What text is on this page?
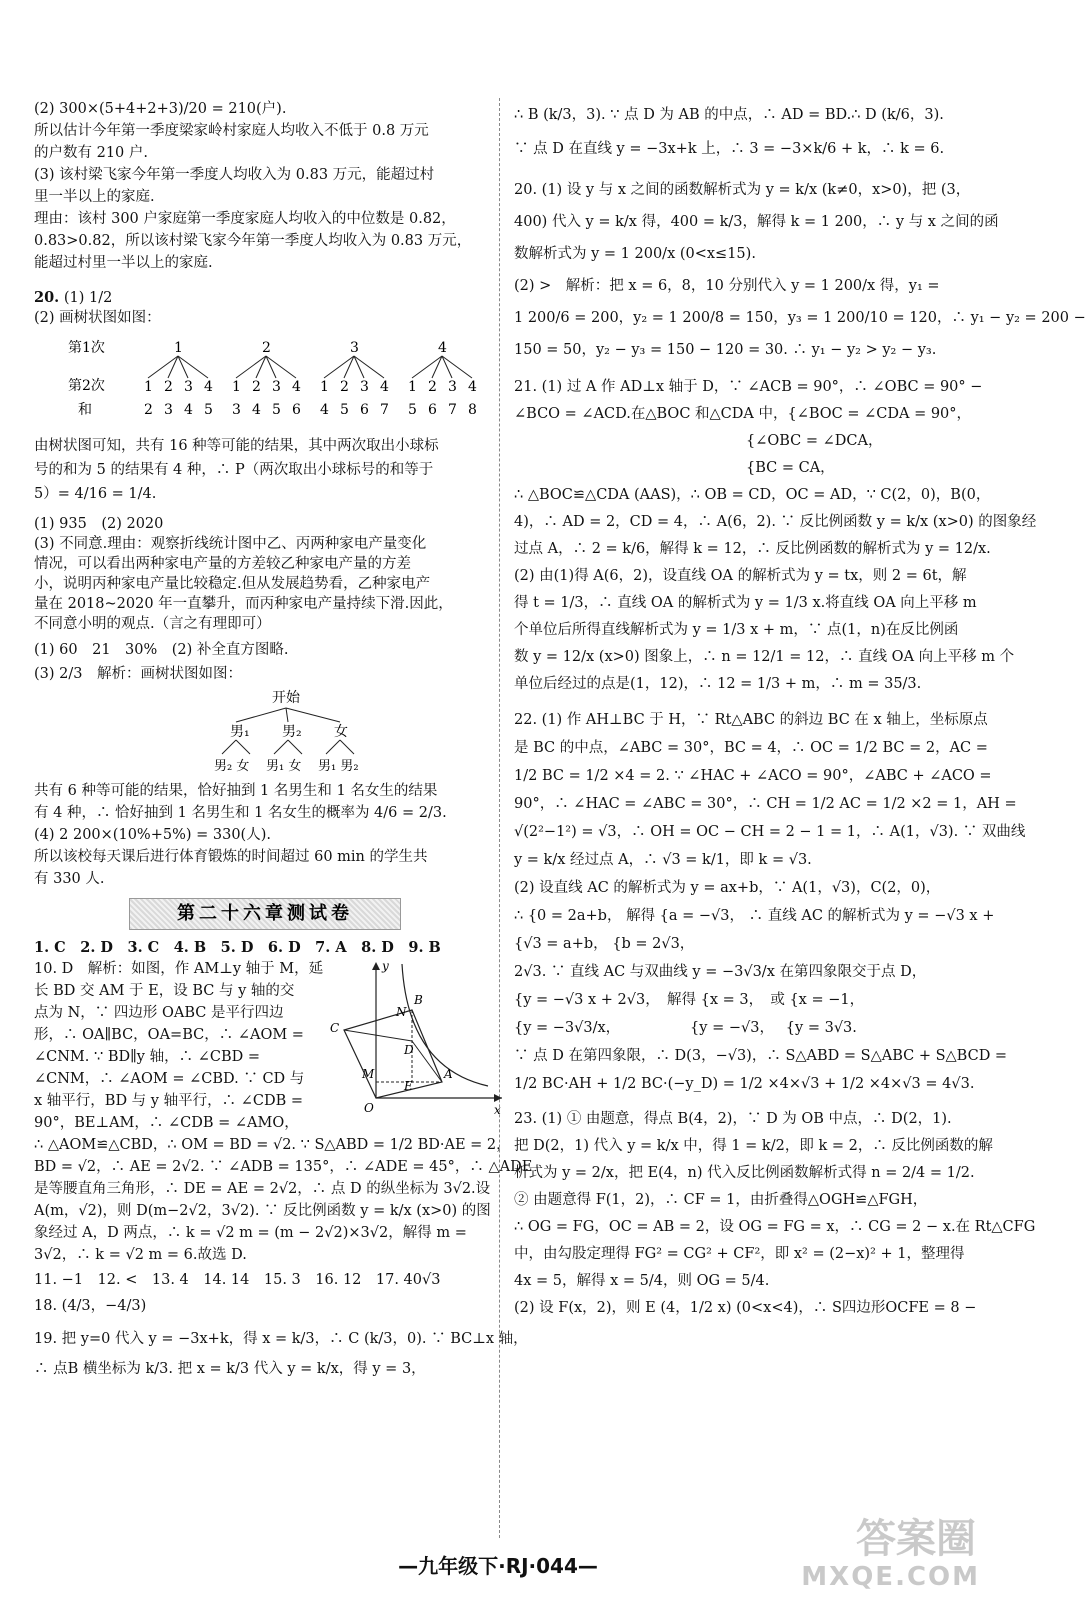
(2) 300×(5+4+2+3)/20 = 210(户).

所以估计今年第一季度梁家岭村家庭人均收入不低于 0.8 万元

的户数有 210 户.

(3) 该村梁飞家今年第一季度人均收入为 0.83 万元，能超过村

里一半以上的家庭.

理由：该村 300 户家庭第一季度家庭人均收入的中位数是 0.82，

0.83>0.82，所以该村梁飞家今年第一季度人均收入为 0.83 万元，

能超过村里一半以上的家庭.

20. (1) 1/2

(2) 画树状图如图：

第1次
第2次
和
1
1
2
2
3
3
4
4
5
2
1
3
2
4
3
5
4
6
3
1
4
2
5
3
6
4
7
4
1
5
2
6
3
7
4
8

由树状图可知，共有 16 种等可能的结果，其中两次取出小球标

号的和为 5 的结果有 4 种，∴ P（两次取出小球标号的和等于

5）= 4/16 = 1/4.

(1) 935　(2) 2020

(3) 不同意.理由：观察折线统计图中乙、丙两种家电产量变化

情况，可以看出两种家电产量的方差较乙种家电产量的方差

小，说明丙种家电产量比较稳定.但从发展趋势看，乙种家电产

量在 2018~2020 年一直攀升，而丙种家电产量持续下滑.因此，

不同意小明的观点.（言之有理即可）

(1) 60　21　30%　(2) 补全直方图略.

(3) 2/3　解析：画树状图如图：

开始
男₁
男₂ 女
男₂
男₁ 女
女
男₁ 男₂

共有 6 种等可能的结果，恰好抽到 1 名男生和 1 名女生的结果

有 4 种，∴ 恰好抽到 1 名男生和 1 名女生的概率为 4/6 = 2/3.

(4) 2 200×(10%+5%) = 330(人).

所以该校每天课后进行体育锻炼的时间超过 60 min 的学生共

有 330 人.

第二十六章测试卷

1. C　2. D　3. C　4. B　5. D　6. D　7. A　8. D　9. B

10. D　解析：如图，作 AM⊥y 轴于 M，延

长 BD 交 AM 于 E，设 BC 与 y 轴的交

点为 N，∵ 四边形 OABC 是平行四边

形，∴ OA∥BC，OA=BC，∴ ∠AOM =

∠CNM. ∵ BD∥y 轴，∴ ∠CBD =

∠CNM，∴ ∠AOM = ∠CBD. ∵ CD 与

x 轴平行，BD 与 y 轴平行，∴ ∠CDB =

90°，BE⊥AM，∴ ∠CDB = ∠AMO，

∴ △AOM≌△CBD，∴ OM = BD = √2. ∵ S△ABD = 1/2 BD·AE = 2，

BD = √2，∴ AE = 2√2. ∵ ∠ADB = 135°，∴ ∠ADE = 45°，∴ △ADE

是等腰直角三角形，∴ DE = AE = 2√2，∴ 点 D 的纵坐标为 3√2.设

A(m，√2)，则 D(m−2√2，3√2). ∵ 反比例函数 y = k/x (x>0) 的图

象经过 A，D 两点，∴ k = √2 m = (m − 2√2)×3√2，解得 m =

3√2，∴ k = √2 m = 6.故选 D.

y
B
N
C
D
M
E
A
O	x

11. −1　12. <　13. 4　14. 14　15. 3　16. 12　17. 40√3

18. (4/3，−4/3)

19. 把 y=0 代入 y = −3x+k，得 x = k/3，∴ C (k/3，0). ∵ BC⊥x 轴，

∴ 点B 横坐标为 k/3. 把 x = k/3 代入 y = k/x，得 y = 3，

∴ B (k/3，3). ∵ 点 D 为 AB 的中点，∴ AD = BD.∴ D (k/6，3).

∵ 点 D 在直线 y = −3x+k 上，∴ 3 = −3×k/6 + k，∴ k = 6.

20. (1) 设 y 与 x 之间的函数解析式为 y = k/x (k≠0，x>0)，把 (3，

400) 代入 y = k/x 得，400 = k/3，解得 k = 1 200，∴ y 与 x 之间的函

数解析式为 y = 1 200/x (0<x≤15).

(2) >　解析：把 x = 6，8，10 分别代入 y = 1 200/x 得，y₁ =

1 200/6 = 200，y₂ = 1 200/8 = 150，y₃ = 1 200/10 = 120，∴ y₁ − y₂ = 200 −

150 = 50，y₂ − y₃ = 150 − 120 = 30. ∴ y₁ − y₂ > y₂ − y₃.

21. (1) 过 A 作 AD⊥x 轴于 D，∵ ∠ACB = 90°，∴ ∠OBC = 90° −

∠BCO = ∠ACD.在△BOC 和△CDA 中，{∠BOC = ∠CDA = 90°，

　　　　　　　　　　　　　　　　{∠OBC = ∠DCA，

　　　　　　　　　　　　　　　　{BC = CA，

∴ △BOC≌△CDA (AAS)，∴ OB = CD，OC = AD，∵ C(2，0)，B(0，

4)，∴ AD = 2，CD = 4，∴ A(6，2). ∵ 反比例函数 y = k/x (x>0) 的图象经

过点 A，∴ 2 = k/6，解得 k = 12，∴ 反比例函数的解析式为 y = 12/x.

(2) 由(1)得 A(6，2)，设直线 OA 的解析式为 y = tx，则 2 = 6t，解

得 t = 1/3，∴ 直线 OA 的解析式为 y = 1/3 x.将直线 OA 向上平移 m

个单位后所得直线解析式为 y = 1/3 x + m，∵ 点(1，n)在反比例函

数 y = 12/x (x>0) 图象上，∴ n = 12/1 = 12，∴ 直线 OA 向上平移 m 个

单位后经过的点是(1，12)，∴ 12 = 1/3 + m，∴ m = 35/3.

22. (1) 作 AH⊥BC 于 H，∵ Rt△ABC 的斜边 BC 在 x 轴上，坐标原点

是 BC 的中点，∠ABC = 30°，BC = 4，∴ OC = 1/2 BC = 2，AC =

1/2 BC = 1/2 ×4 = 2. ∵ ∠HAC + ∠ACO = 90°，∠ABC + ∠ACO =

90°，∴ ∠HAC = ∠ABC = 30°，∴ CH = 1/2 AC = 1/2 ×2 = 1，AH =

√(2²−1²) = √3，∴ OH = OC − CH = 2 − 1 = 1，∴ A(1，√3). ∵ 双曲线

y = k/x 经过点 A，∴ √3 = k/1，即 k = √3.

(2) 设直线 AC 的解析式为 y = ax+b，∵ A(1，√3)，C(2，0)，

∴ {0 = 2a+b， 解得 {a = −√3， ∴ 直线 AC 的解析式为 y = −√3 x +

{√3 = a+b， {b = 2√3，

2√3. ∵ 直线 AC 与双曲线 y = −3√3/x 在第四象限交于点 D，

{y = −√3 x + 2√3，　解得 {x = 3，　或 {x = −1，

{y = −3√3/x，　　　　　 {y = −√3，　 {y = 3√3.

∵ 点 D 在第四象限，∴ D(3，−√3)，∴ S△ABD = S△ABC + S△BCD =

1/2 BC·AH + 1/2 BC·(−y_D) = 1/2 ×4×√3 + 1/2 ×4×√3 = 4√3.

23. (1) ① 由题意，得点 B(4，2)，∵ D 为 OB 中点，∴ D(2，1).

把 D(2，1) 代入 y = k/x 中，得 1 = k/2，即 k = 2，∴ 反比例函数的解

析式为 y = 2/x，把 E(4，n) 代入反比例函数解析式得 n = 2/4 = 1/2.

② 由题意得 F(1，2)，∴ CF = 1，由折叠得△OGH≌△FGH，

∴ OG = FG，OC = AB = 2，设 OG = FG = x，∴ CG = 2 − x.在 Rt△CFG

中，由勾股定理得 FG² = CG² + CF²，即 x² = (2−x)² + 1，整理得

4x = 5，解得 x = 5/4，则 OG = 5/4.

(2) 设 F(x，2)，则 E (4，1/2 x) (0<x<4)，∴ S四边形OCFE = 8 −

—九年级下·RJ·044—
答案圈
MXQE.COM
